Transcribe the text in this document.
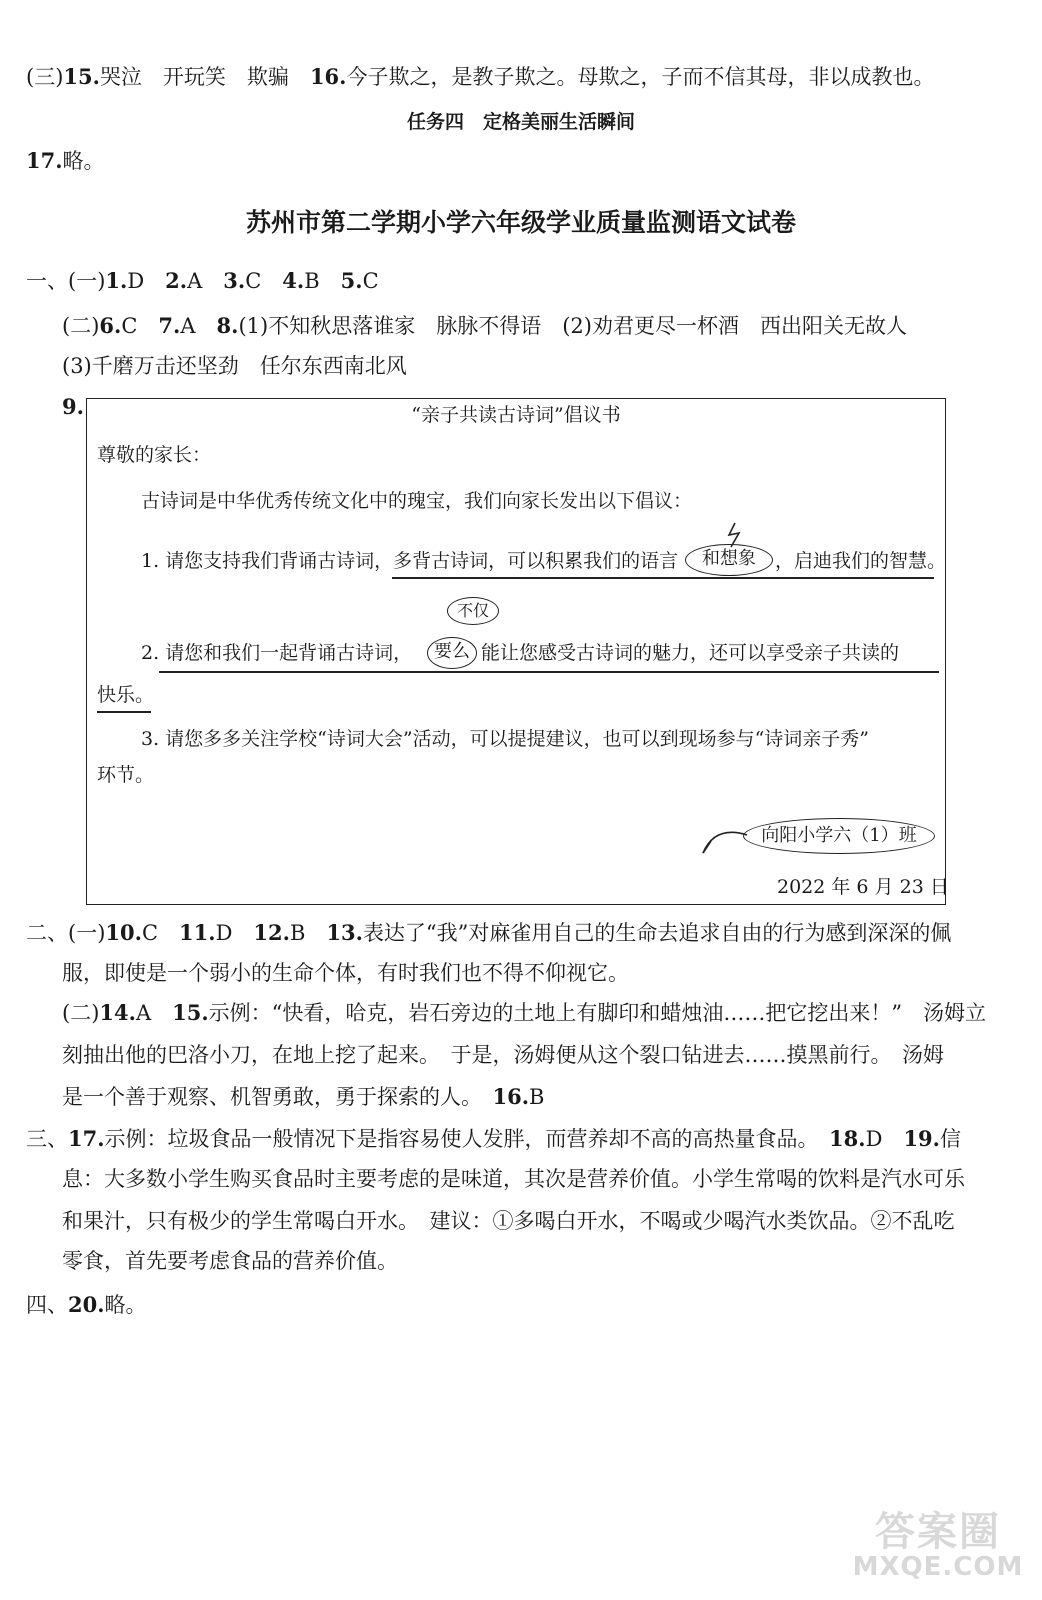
(三)15.哭泣　开玩笑　欺骗　16.今子欺之，是教子欺之。母欺之，子而不信其母，非以成教也。
任务四　定格美丽生活瞬间
17.略。
苏州市第二学期小学六年级学业质量监测语文试卷
一、(一)1.D　2.A　3.C　4.B　5.C
(二)6.C　7.A　8.(1)不知秋思落谁家　脉脉不得语　(2)劝君更尽一杯酒　西出阳关无故人
(3)千磨万击还坚劲　任尔东西南北风
9.	“亲子共读古诗词”倡议书
尊敬的家长：
古诗词是中华优秀传统文化中的瑰宝，我们向家长发出以下倡议：
1. 请您支持我们背诵古诗词，多背古诗词，可以积累我们的语言	和想象	，启迪我们的智慧。
不仅
2. 请您和我们一起背诵古诗词，	要么 能让您感受古诗词的魅力，还可以享受亲子共读的
快乐。
3. 请您多多关注学校“诗词大会”活动，可以提提建议，也可以到现场参与“诗词亲子秀”
环节。
向阳小学六（1）班
2022 年 6 月 23 日
二、(一)10.C　11.D　12.B　13.表达了“我”对麻雀用自己的生命去追求自由的行为感到深深的佩
服，即使是一个弱小的生命个体，有时我们也不得不仰视它。
(二)14.A　15.示例：“快看，哈克，岩石旁边的土地上有脚印和蜡烛油……把它挖出来！”　汤姆立
刻抽出他的巴洛小刀，在地上挖了起来。　于是，汤姆便从这个裂口钻进去……摸黑前行。　汤姆
是一个善于观察、机智勇敢，勇于探索的人。　16.B
三、17.示例：垃圾食品一般情况下是指容易使人发胖，而营养却不高的高热量食品。　18.D　19.信
息：大多数小学生购买食品时主要考虑的是味道，其次是营养价值。小学生常喝的饮料是汽水可乐
和果汁，只有极少的学生常喝白开水。　建议：①多喝白开水，不喝或少喝汽水类饮品。②不乱吃
零食，首先要考虑食品的营养价值。
四、20.略。
答案圈
MXQE.COM
